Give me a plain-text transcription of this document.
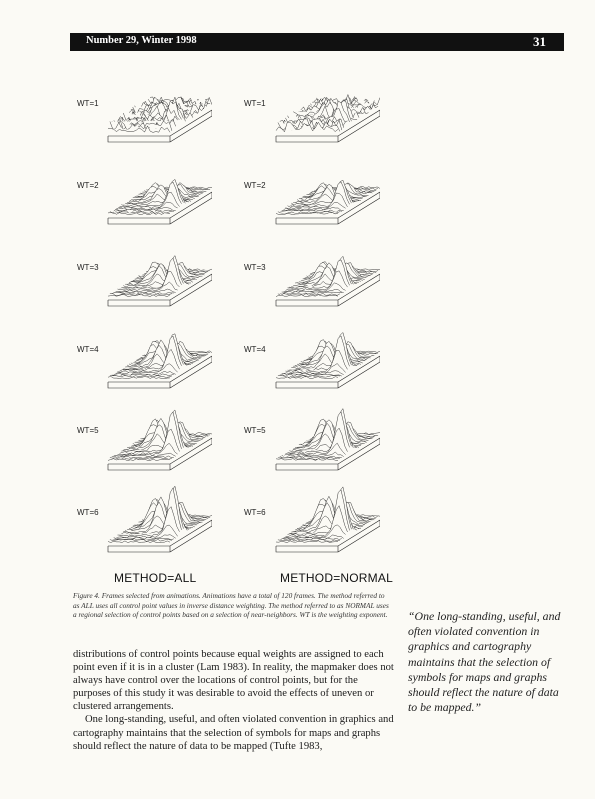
Number 29, Winter 1998	31
WT=1
WT=2
WT=3
WT=4
WT=5
WT=6
WT=1
WT=2
WT=3
WT=4
WT=5
WT=6
METHOD=ALL	METHOD=NORMAL
Figure 4. Frames selected from animations. Animations have a total of 120 frames. The method referred to as ALL uses all control point values in inverse distance weighting. The method referred to as NORMAL uses a regional selection of control points based on a selection of near-neighbors. WT is the weighting exponent.

distributions of control points because equal weights are assigned to each point even if it is in a cluster (Lam 1983). In reality, the mapmaker does not always have control over the locations of control points, but for the purposes of this study it was desirable to avoid the effects of uneven or clustered arrangements.

One long-standing, useful, and often violated convention in graphics and cartography maintains that the selection of symbols for maps and graphs should reflect the nature of data to be mapped (Tufte 1983,

“One long-standing, useful, and often violated convention in graphics and cartography maintains that the selection of symbols for maps and graphs should reflect the nature of data to be mapped.”
